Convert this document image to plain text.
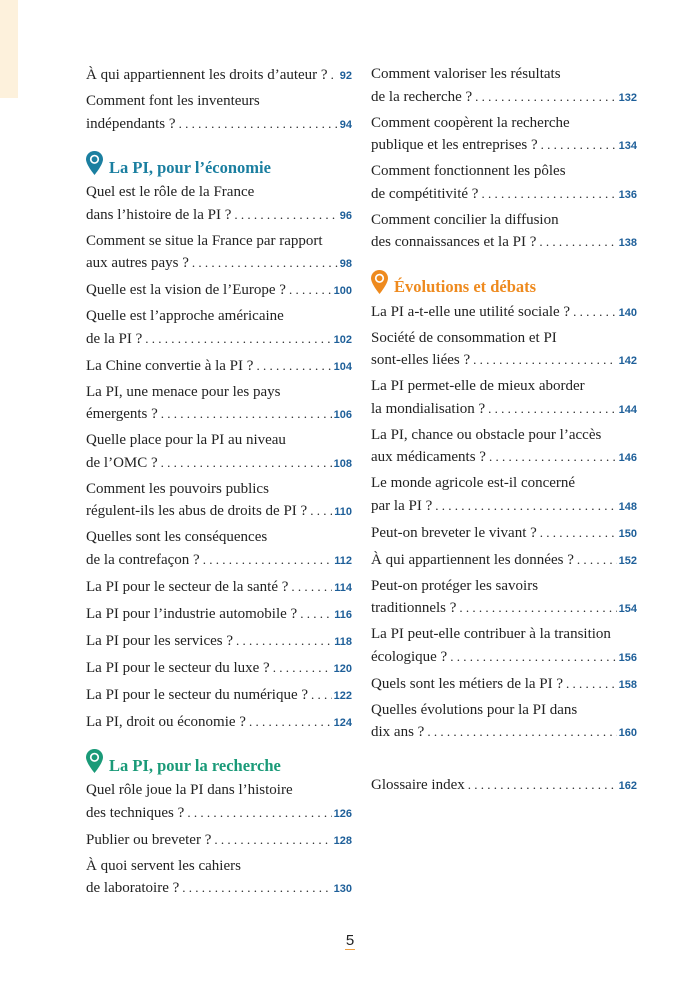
À qui appartiennent les droits d’auteur ? . . . 92
Comment font les inventeurs
indépendants ? . . .	94
La PI, pour l’économie
Quel est le rôle de la France
dans l’histoire de la PI ? . . .	96
Comment se situe la France par rapport
aux autres pays ? . . .	98
Quelle est la vision de l’Europe ? . . .	100
Quelle est l’approche américaine
de la PI ? . . .	102
La Chine convertie à la PI ? . . .	104
La PI, une menace pour les pays
émergents ? . . .	106
Quelle place pour la PI au niveau
de l’OMC ? . . .	108
Comment les pouvoirs publics
régulent-ils les abus de droits de PI ? . . . 110
Quelles sont les conséquences
de la contrefaçon ? . . .	112
La PI pour le secteur de la santé ? . . .	114
La PI pour l’industrie automobile ? . . .	116
La PI pour les services ? . . .	118
La PI pour le secteur du luxe ? . . .	120
La PI pour le secteur du numérique ? . . . 122
La PI, droit ou économie ? . . .	124
La PI, pour la recherche
Quel rôle joue la PI dans l’histoire
des techniques ? . . .	126
Publier ou breveter ? . . .	128
À quoi servent les cahiers
de laboratoire ? . . .	130
Comment valoriser les résultats
de la recherche ? . . .	132
Comment coopèrent la recherche
publique et les entreprises ? . . .	134
Comment fonctionnent les pôles
de compétitivité ? . . .	136
Comment concilier la diffusion
des connaissances et la PI ? . . .	138
Évolutions et débats
La PI a-t-elle une utilité sociale ? . . .	140
Société de consommation et PI
sont-elles liées ? . . .	142
La PI permet-elle de mieux aborder
la mondialisation ? . . .	144
La PI, chance ou obstacle pour l’accès
aux médicaments ? . . .	146
Le monde agricole est-il concerné
par la PI ? . . .	148
Peut-on breveter le vivant ? . . .	150
À qui appartiennent les données ? . . .	152
Peut-on protéger les savoirs
traditionnels ? . . .	154
La PI peut-elle contribuer à la transition
écologique ? . . .	156
Quels sont les métiers de la PI ? . . .	158
Quelles évolutions pour la PI dans
dix ans ? . . .	160
Glossaire index . . .	162
5
